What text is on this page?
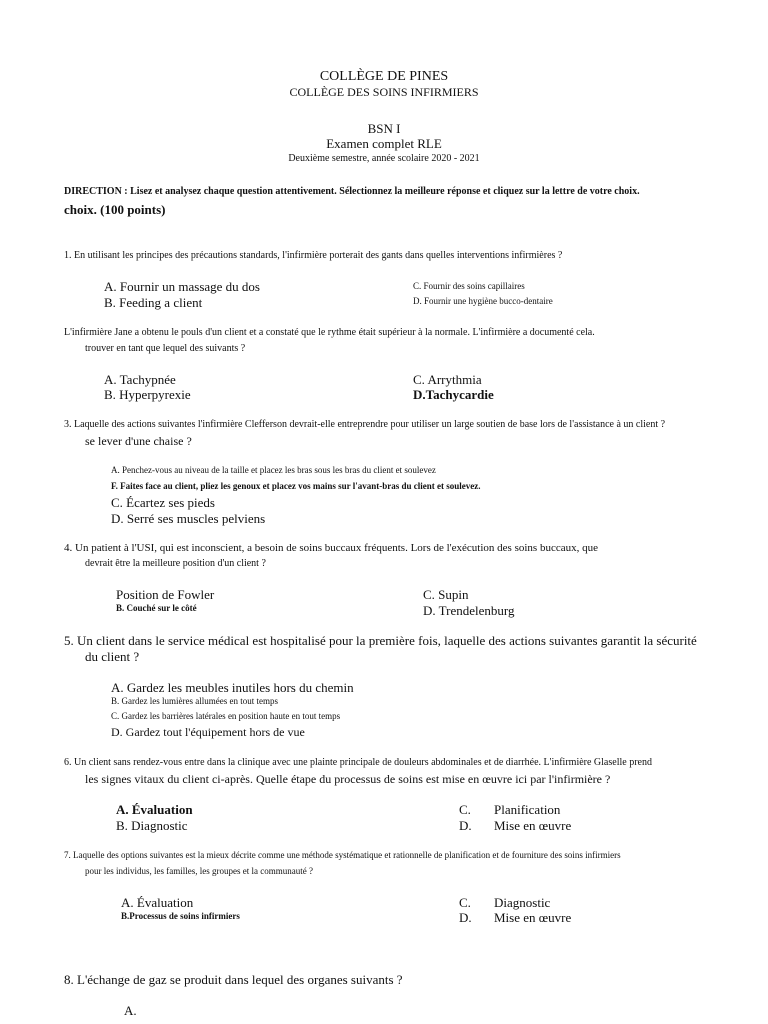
COLLÈGE DE PINES
COLLÈGE DES SOINS INFIRMIERS
BSN I
Examen complet RLE
Deuxième semestre, année scolaire 2020 - 2021
DIRECTION : Lisez et analysez chaque question attentivement. Sélectionnez la meilleure réponse et cliquez sur la lettre de votre choix.
choix. (100 points)
1. En utilisant les principes des précautions standards, l'infirmière porterait des gants dans quelles interventions infirmières ?
A. Fournir un massage du dos
B. Feeding a client
C. Fournir des soins capillaires
D. Fournir une hygiène bucco-dentaire
L'infirmière Jane a obtenu le pouls d'un client et a constaté que le rythme était supérieur à la normale. L'infirmière a documenté cela.
trouver en tant que lequel des suivants ?
A. Tachypnée
B. Hyperpyrexie
C. Arrythmia
D.Tachycardie
3. Laquelle des actions suivantes l'infirmière Clefferson devrait-elle entreprendre pour utiliser un large soutien de base lors de l'assistance à un client ?
se lever d'une chaise ?
A. Penchez-vous au niveau de la taille et placez les bras sous les bras du client et soulevez
F. Faites face au client, pliez les genoux et placez vos mains sur l'avant-bras du client et soulevez.
C. Écartez ses pieds
D. Serré ses muscles pelviens
4. Un patient à l'USI, qui est inconscient, a besoin de soins buccaux fréquents. Lors de l'exécution des soins buccaux, que
devrait être la meilleure position d'un client ?
Position de Fowler
B. Couché sur le côté
C. Supin
D. Trendelenburg
5. Un client dans le service médical est hospitalisé pour la première fois, laquelle des actions suivantes garantit la sécurité
du client ?
A. Gardez les meubles inutiles hors du chemin
B. Gardez les lumières allumées en tout temps
C. Gardez les barrières latérales en position haute en tout temps
D. Gardez tout l'équipement hors de vue
6. Un client sans rendez-vous entre dans la clinique avec une plainte principale de douleurs abdominales et de diarrhée. L'infirmière Glaselle prend
les signes vitaux du client ci-après. Quelle étape du processus de soins est mise en œuvre ici par l'infirmière ?
A. Évaluation
B. Diagnostic
C. Planification
D. Mise en œuvre
7. Laquelle des options suivantes est la mieux décrite comme une méthode systématique et rationnelle de planification et de fourniture des soins infirmiers
pour les individus, les familles, les groupes et la communauté ?
A. Évaluation
B.Processus de soins infirmiers
C. Diagnostic
D. Mise en œuvre
8. L'échange de gaz se produit dans lequel des organes suivants ?
A.
